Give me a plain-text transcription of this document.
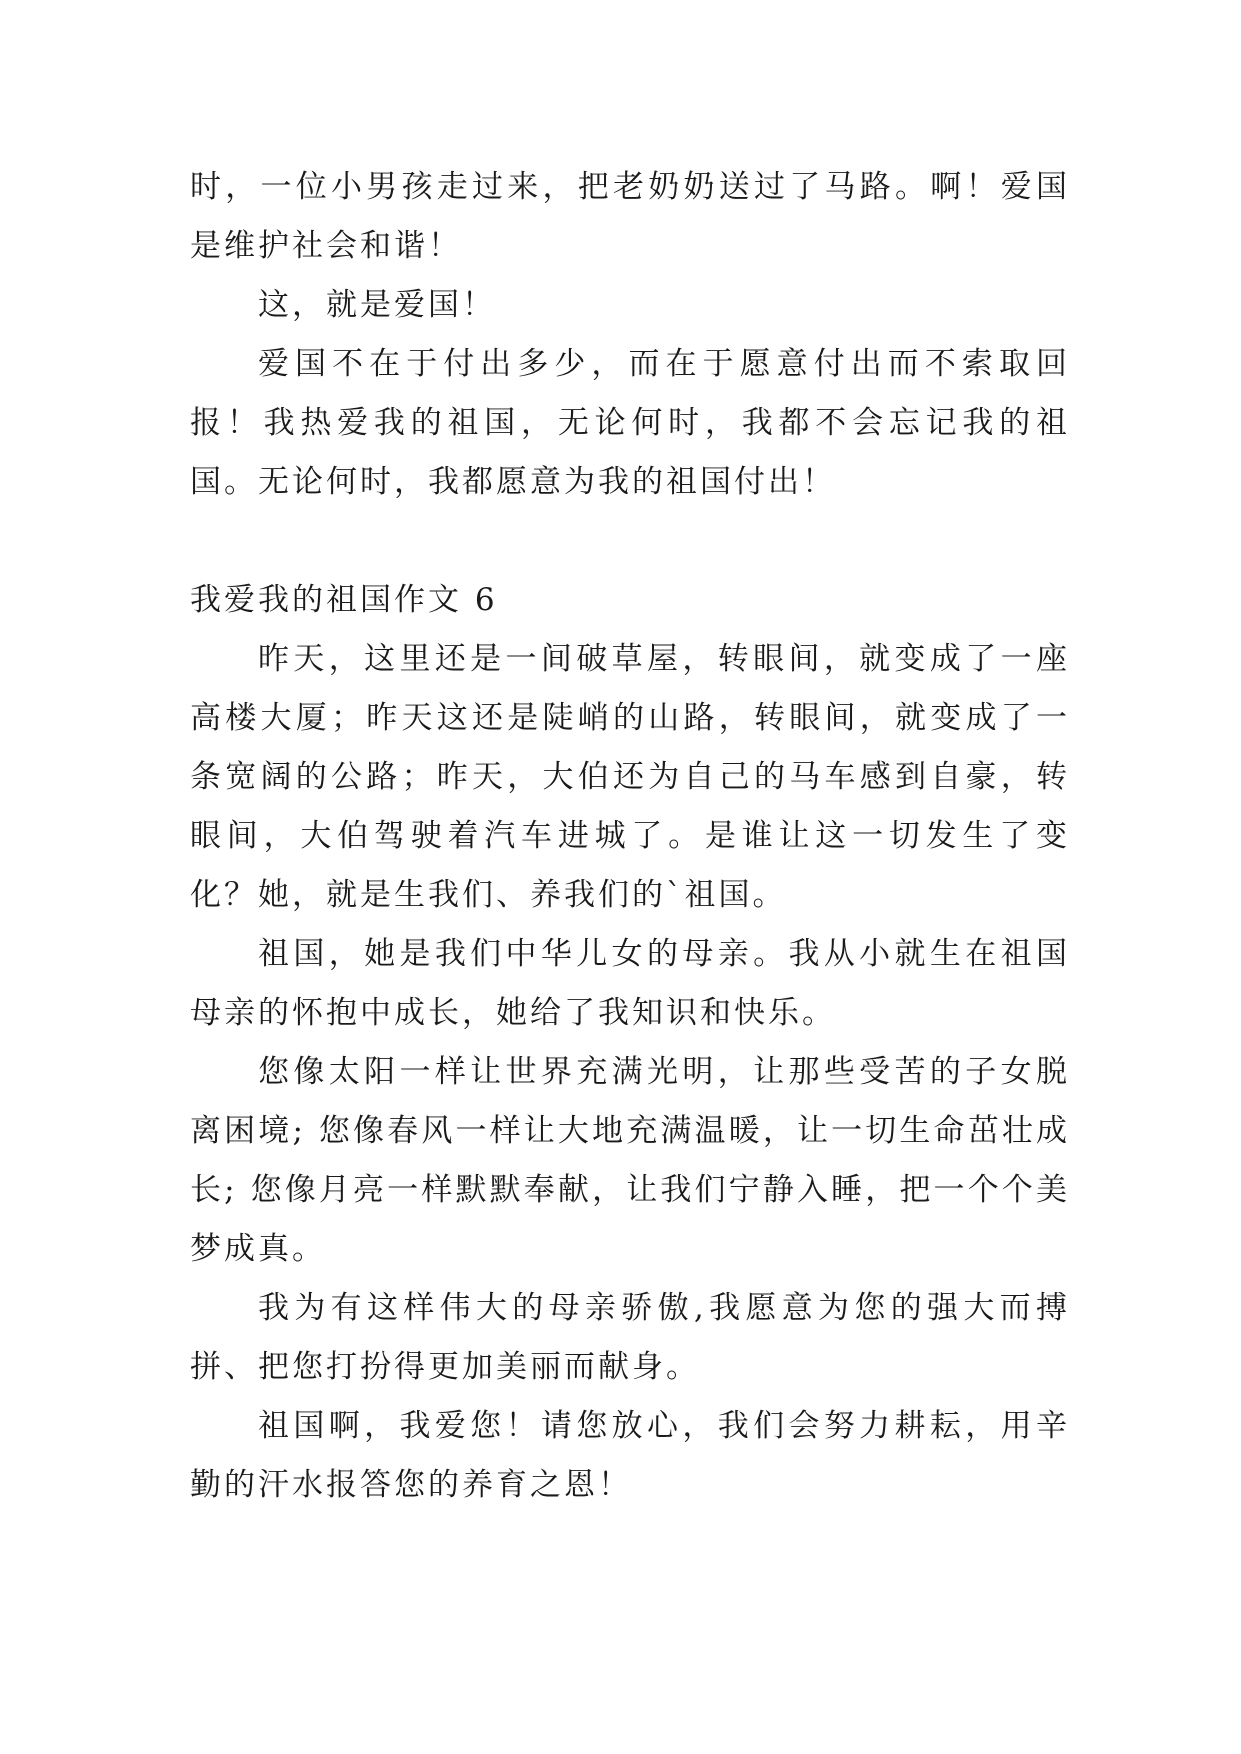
时，一位小男孩走过来，把老奶奶送过了马路。啊！爱国是维护社会和谐！

这，就是爱国！

爱国不在于付出多少，而在于愿意付出而不索取回报！我热爱我的祖国，无论何时，我都不会忘记我的祖国。无论何时，我都愿意为我的祖国付出！

我爱我的祖国作文 6

昨天，这里还是一间破草屋，转眼间，就变成了一座高楼大厦；昨天这还是陡峭的山路，转眼间，就变成了一条宽阔的公路；昨天，大伯还为自己的马车感到自豪，转眼间，大伯驾驶着汽车进城了。是谁让这一切发生了变化？她，就是生我们、养我们的`祖国。

祖国，她是我们中华儿女的母亲。我从小就生在祖国母亲的怀抱中成长，她给了我知识和快乐。

您像太阳一样让世界充满光明，让那些受苦的子女脱离困境; 您像春风一样让大地充满温暖，让一切生命茁壮成长; 您像月亮一样默默奉献，让我们宁静入睡，把一个个美梦成真。

我为有这样伟大的母亲骄傲,我愿意为您的强大而搏拼、把您打扮得更加美丽而献身。

祖国啊，我爱您！请您放心，我们会努力耕耘，用辛勤的汗水报答您的养育之恩！
